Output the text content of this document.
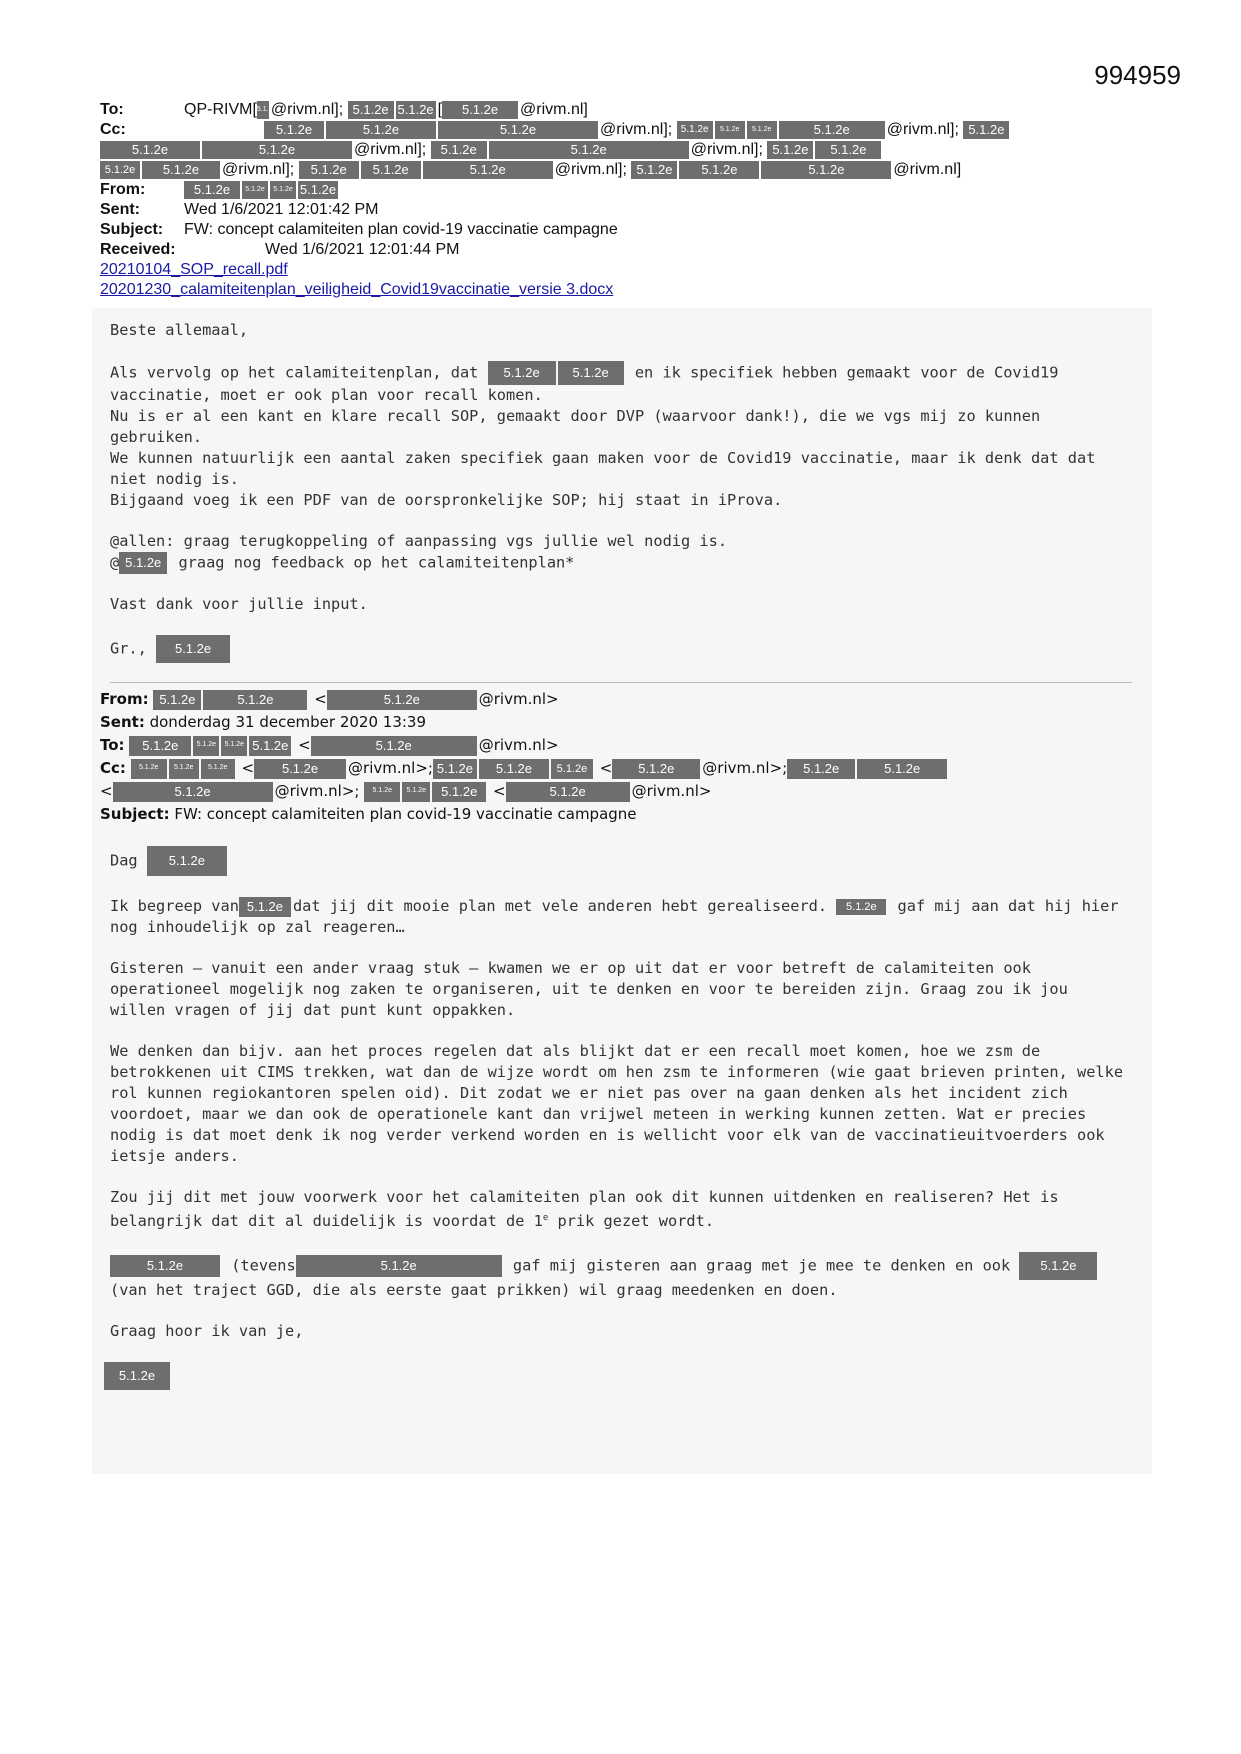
994959
To:	QP-RIVM[5.1.2e@rivm.nl]; 5.1.2e 5.1.2e [ 5.1.2e @rivm.nl]
Cc:	5.1.2e	5.1.2e	5.1.2e	@rivm.nl]; 5.1.2e 5.1.2e 5.1.2e	5.1.2e @rivm.nl]; 5.1.2e
5.1.2e	5.1.2e	@rivm.nl]; 5.1.2e	5.1.2e	@rivm.nl]; 5.1.2e 5.1.2e
5.1.2e 5.1.2e @rivm.nl]; 5.1.2e 5.1.2e	5.1.2e	@rivm.nl]; 5.1.2e 5.1.2e	5.1.2e	@rivm.nl]
From:	5.1.2e 5.1.2e 5.1.2e 5.1.2e
Sent:	Wed 1/6/2021 12:01:42 PM
Subject: FW: concept calamiteiten plan covid-19 vaccinatie campagne
Received:	Wed 1/6/2021 12:01:44 PM
20210104_SOP_recall.pdf
20201230_calamiteitenplan_veiligheid_Covid19vaccinatie_versie 3.docx

Beste allemaal,

Als vervolg op het calamiteitenplan, dat 5.1.2e	5.1.2e en ik specifiek hebben gemaakt voor de Covid19 vaccinatie, moet er ook plan voor recall komen.
Nu is er al een kant en klare recall SOP, gemaakt door DVP (waarvoor dank!), die we vgs mij zo kunnen gebruiken.
We kunnen natuurlijk een aantal zaken specifiek gaan maken voor de Covid19 vaccinatie, maar ik denk dat dat niet nodig is.
Bijgaand voeg ik een PDF van de oorspronkelijke SOP; hij staat in iProva.

@allen: graag terugkoppeling of aanpassing vgs jullie wel nodig is.
@ 5.1.2e graag nog feedback op het calamiteitenplan*

Vast dank voor jullie input.

Gr., 5.1.2e

From: 5.1.2e	5.1.2e	<	5.1.2e	@rivm.nl>
Sent: donderdag 31 december 2020 13:39
To: 5.1.2e	5.1.2e 5.1.2e 5.1.2e <	5.1.2e	@rivm.nl>
Cc: 5.1.2e 5.1.2e 5.1.2e < 5.1.2e @rivm.nl>; 5.1.2e 5.1.2e 5.1.2e < 5.1.2e @rivm.nl>; 5.1.2e	5.1.2e
<	5.1.2e	@rivm.nl>; 5.1.2e 5.1.2e 5.1.2e <	5.1.2e	@rivm.nl>
Subject: FW: concept calamiteiten plan covid-19 vaccinatie campagne

Dag 5.1.2e

Ik begreep van 5.1.2e dat jij dit mooie plan met vele anderen hebt gerealiseerd. 5.1.2e gaf mij aan dat hij hier nog inhoudelijk op zal reageren…

Gisteren – vanuit een ander vraag stuk – kwamen we er op uit dat er voor betreft de calamiteiten ook operationeel mogelijk nog zaken te organiseren, uit te denken en voor te bereiden zijn. Graag zou ik jou willen vragen of jij dat punt kunt oppakken.

We denken dan bijv. aan het proces regelen dat als blijkt dat er een recall moet komen, hoe we zsm de betrokkenen uit CIMS trekken, wat dan de wijze wordt om hen zsm te informeren (wie gaat brieven printen, welke rol kunnen regiokantoren spelen oid). Dit zodat we er niet pas over na gaan denken als het incident zich voordoet, maar we dan ook de operationele kant dan vrijwel meteen in werking kunnen zetten. Wat er precies nodig is dat moet denk ik nog verder verkend worden en is wellicht voor elk van de vaccinatieuitvoerders ook ietsje anders.

Zou jij dit met jouw voorwerk voor het calamiteiten plan ook dit kunnen uitdenken en realiseren? Het is belangrijk dat dit al duidelijk is voordat de 1e prik gezet wordt.

5.1.2e	(tevens	5.1.2e	gaf mij gisteren aan graag met je mee te denken en ook 5.1.2e (van het traject GGD, die als eerste gaat prikken) wil graag meedenken en doen.

Graag hoor ik van je,

5.1.2e
